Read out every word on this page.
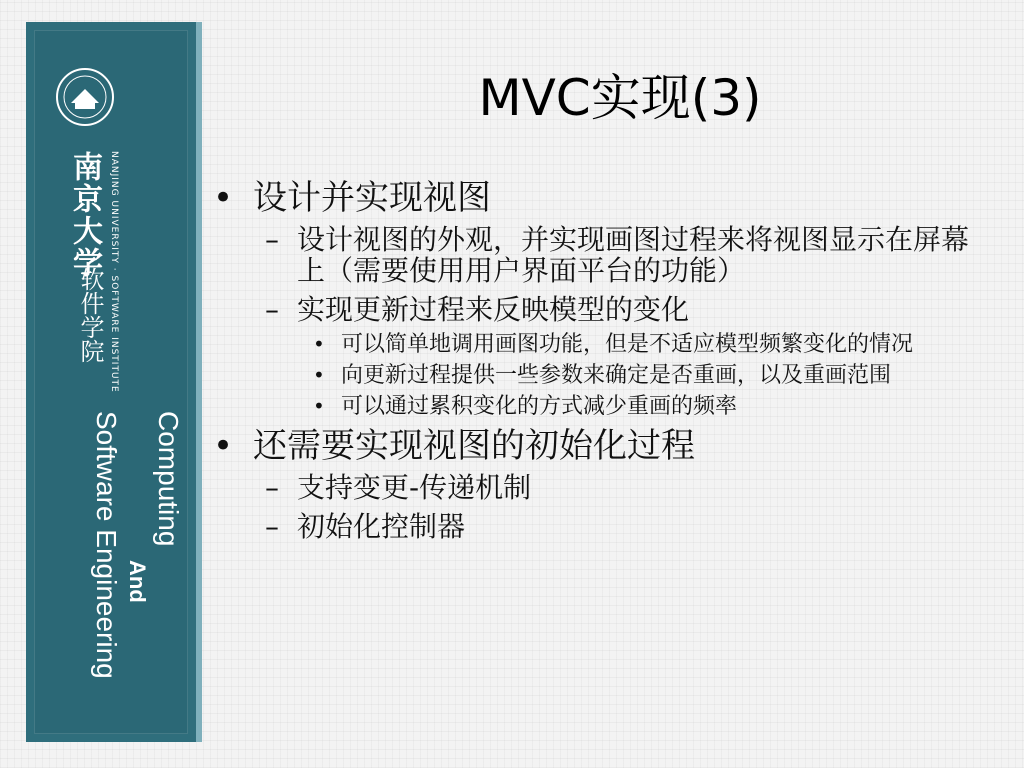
南京大学 NANJING UNIVERSITY · SOFTWARE INSTITUTE
软件学院
Computing
And
Software Engineering
MVC实现(3)
• 设计并实现视图
– 设计视图的外观，并实现画图过程来将视图显示在屏幕上（需要使用用户界面平台的功能）
– 实现更新过程来反映模型的变化
• 可以简单地调用画图功能，但是不适应模型频繁变化的情况
• 向更新过程提供一些参数来确定是否重画，以及重画范围
• 可以通过累积变化的方式减少重画的频率
• 还需要实现视图的初始化过程
– 支持变更-传递机制
– 初始化控制器
